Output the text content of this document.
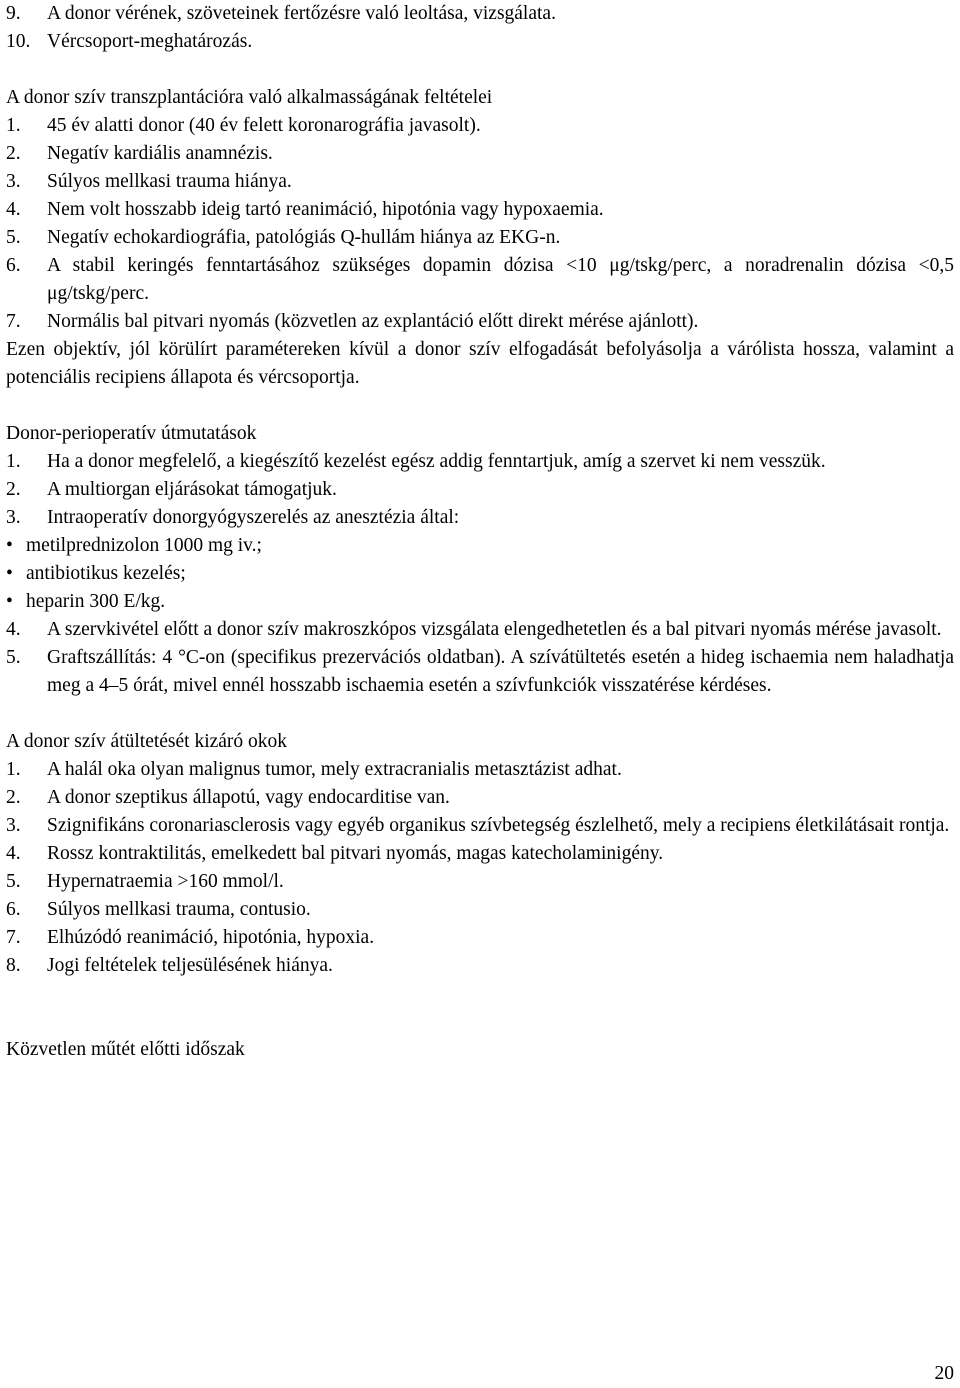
9.	A donor vérének, szöveteinek fertőzésre való leoltása, vizsgálata.
10. Vércsoport-meghatározás.
A donor szív transzplantációra való alkalmasságának feltételei
1.	45 év alatti donor (40 év felett koronarográfia javasolt).
2.	Negatív kardiális anamnézis.
3.	Súlyos mellkasi trauma hiánya.
4.	Nem volt hosszabb ideig tartó reanimáció, hipotónia vagy hypoxaemia.
5.	Negatív echokardiográfia, patológiás Q-hullám hiánya az EKG-n.
6.	A stabil keringés fenntartásához szükséges dopamin dózisa <10 μg/tskg/perc, a noradrenalin dózisa <0,5 μg/tskg/perc.
7.	Normális bal pitvari nyomás (közvetlen az explantáció előtt direkt mérése ajánlott).

Ezen objektív, jól körülírt paramétereken kívül a donor szív elfogadását befolyásolja a várólista hossza, valamint a potenciális recipiens állapota és vércsoportja.

Donor-perioperatív útmutatások
1.	Ha a donor megfelelő, a kiegészítő kezelést egész addig fenntartjuk, amíg a szervet ki nem vesszük.
2.	A multiorgan eljárásokat támogatjuk.
3.	Intraoperatív donorgyógyszerelés az anesztézia által:
• metilprednizolon 1000 mg iv.;
• antibiotikus kezelés;
• heparin 300 E/kg.
4.	A szervkivétel előtt a donor szív makroszkópos vizsgálata elengedhetetlen és a bal pitvari nyomás mérése javasolt.
5.	Graftszállítás: 4 °C-on (specifikus prezervációs oldatban). A szívátültetés esetén a hideg ischaemia nem haladhatja meg a 4–5 órát, mivel ennél hosszabb ischaemia esetén a szívfunkciók visszatérése kérdéses.
A donor szív átültetését kizáró okok
1.	A halál oka olyan malignus tumor, mely extracranialis metasztázist adhat.
2.	A donor szeptikus állapotú, vagy endocarditise van.
3.	Szignifikáns coronariasclerosis vagy egyéb organikus szívbetegség észlelhető, mely a recipiens életkilátásait rontja.
4.	Rossz kontraktilitás, emelkedett bal pitvari nyomás, magas katecholaminigény.
5.	Hypernatraemia >160 mmol/l.
6.	Súlyos mellkasi trauma, contusio.
7.	Elhúzódó reanimáció, hipotónia, hypoxia.
8.	Jogi feltételek teljesülésének hiánya.
Közvetlen műtét előtti időszak
20
